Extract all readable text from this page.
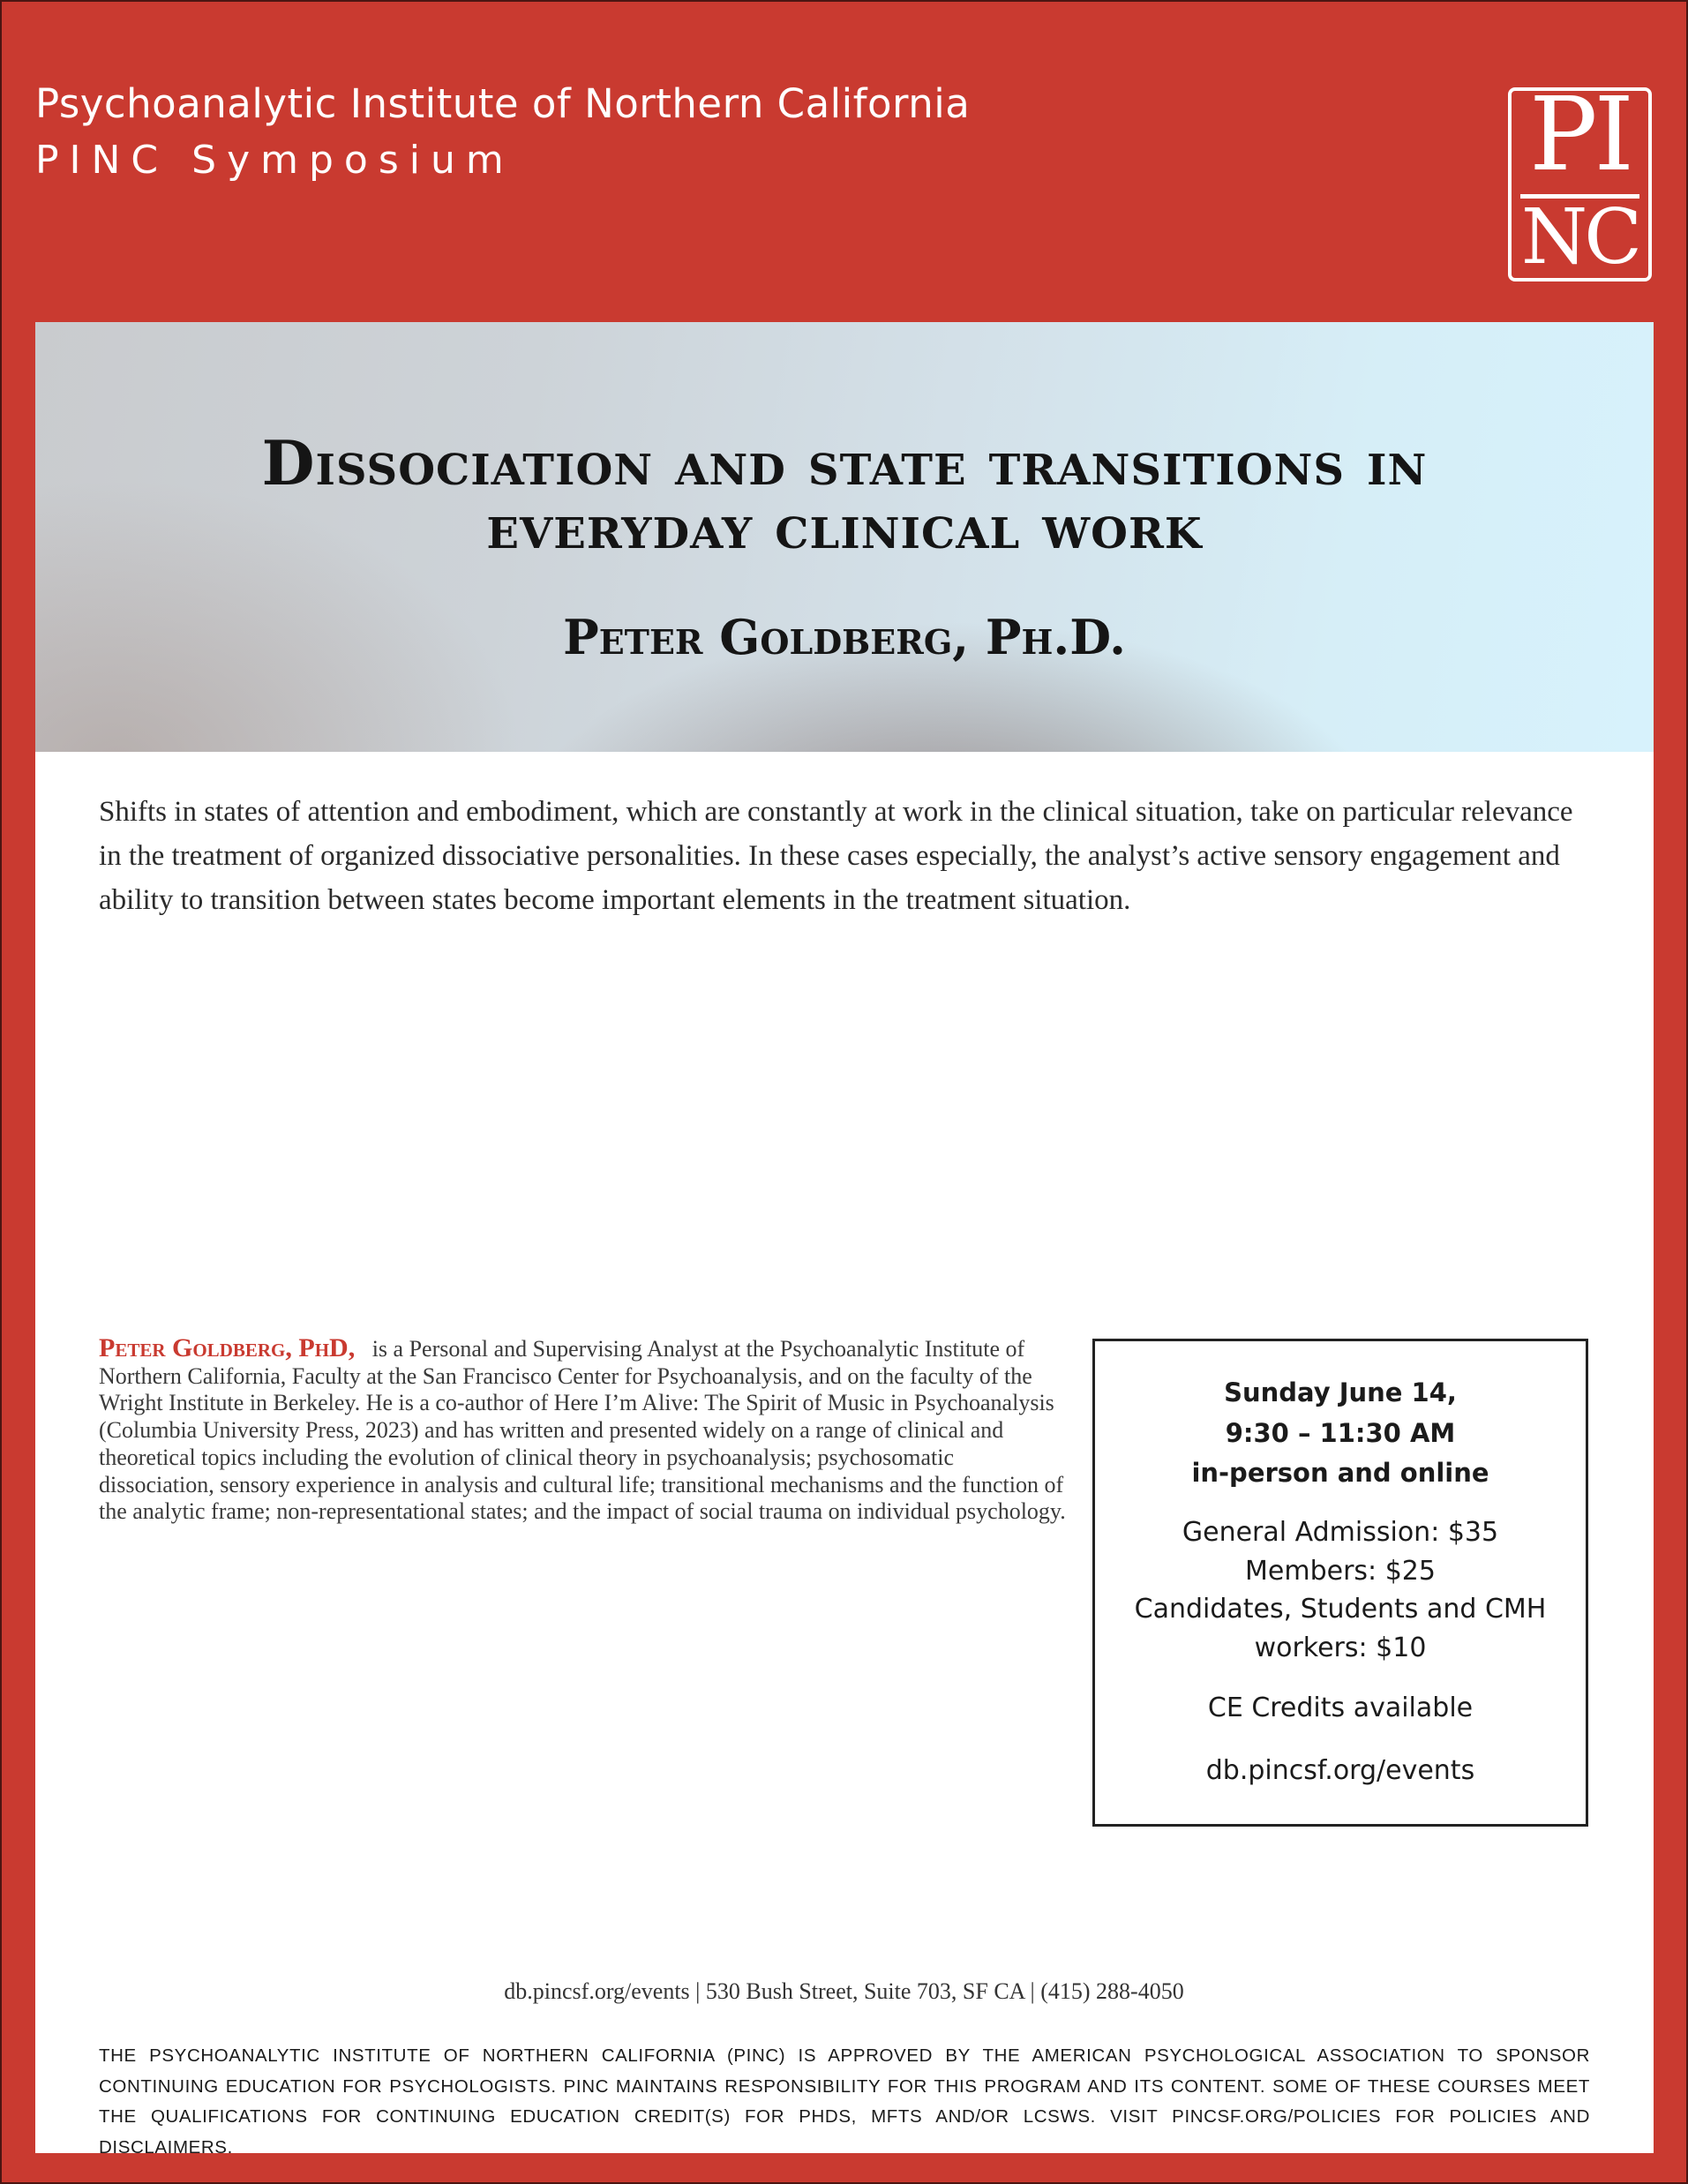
Psychoanalytic Institute of Northern California
PINC Symposium	PI
NC
Dissociation and state transitions in
everyday clinical work
Peter Goldberg, Ph.D.
Shifts in states of attention and embodiment, which are constantly at work in the clinical situation, take on particular relevance in the treatment of organized dissociative personalities. In these cases especially, the analyst’s active sensory engagement and ability to transition between states become important elements in the treatment situation.
Peter Goldberg, PhD, is a Personal and Supervising Analyst at the Psychoanalytic Institute of Northern California, Faculty at the San Francisco Center for Psychoanalysis, and on the faculty of the Wright Institute in Berkeley. He is a co-author of Here I’m Alive: The Spirit of Music in Psychoanalysis (Columbia University Press, 2023) and has written and presented widely on a range of clinical and theoretical topics including the evolution of clinical theory in psychoanalysis; psychosomatic dissociation, sensory experience in analysis and cultural life; transitional mechanisms and the function of the analytic frame; non-representational states; and the impact of social trauma on individual psychology.
Sunday June 14,
9:30 – 11:30 AM
in-person and online
General Admission: $35
Members: $25
Candidates, Students and CMH
workers: $10
CE Credits available
db.pincsf.org/events
db.pincsf.org/events | 530 Bush Street, Suite 703, SF CA | (415) 288-4050
THE PSYCHOANALYTIC INSTITUTE OF NORTHERN CALIFORNIA (PINC) IS APPROVED BY THE AMERICAN PSYCHOLOGICAL ASSOCIATION TO SPONSOR
CONTINUING EDUCATION FOR PSYCHOLOGISTS. PINC MAINTAINS RESPONSIBILITY FOR THIS PROGRAM AND ITS CONTENT. SOME OF THESE COURSES MEET
THE QUALIFICATIONS FOR CONTINUING EDUCATION CREDIT(S) FOR PHDS, MFTS AND/OR LCSWS. VISIT PINCSF.ORG/POLICIES FOR POLICIES AND DISCLAIMERS.
